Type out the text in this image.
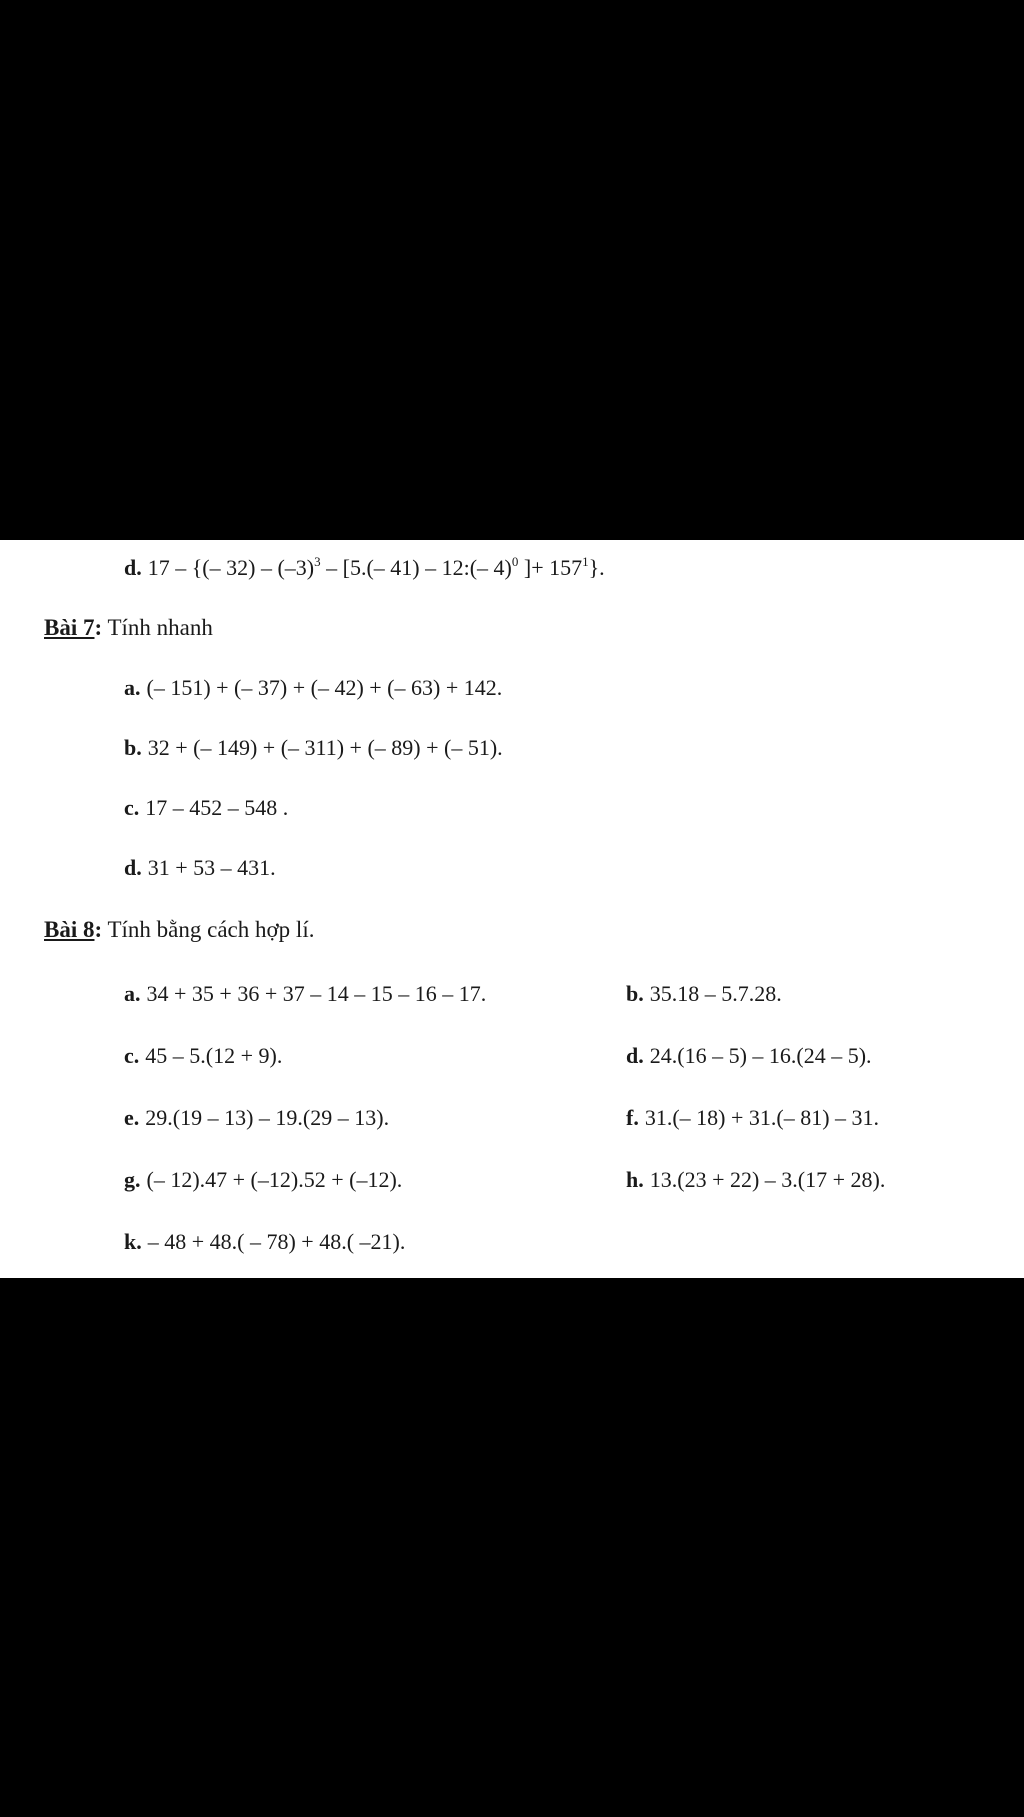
d. 17 – {(– $32) - (-3)^3 - [5.(-$ 41) – 12:(– 4)$^0$ ]+ $157^1$}.
Bài 7: Tính nhanh
a. (– 151) + (– 37) + (– 42) + (– 63) + 142.
b. 32 + (– 149) + (– 311) + (– 89) + (– 51).
c. 17 – 452 – 548 .
d. 31 + 53 – 431.
Bài 8: Tính bằng cách hợp lí.
a. 34 + 35 + 36 + 37 – 14 – 15 – 16 – 17.	b. 35.18 – 5.7.28.
c. 45 – 5.(12 + 9).	d. 24.(16 – 5) – 16.(24 – 5).
e. 29.(19 – 13) – 19.(29 – 13).	f. 31.(– 18) + 31.(– 81) – 31.
g. (– 12).47 + (–12).52 + (–12).	h. 13.(23 + 22) – 3.(17 + 28).
k. – 48 + 48.( – 78) + 48.( –21).
